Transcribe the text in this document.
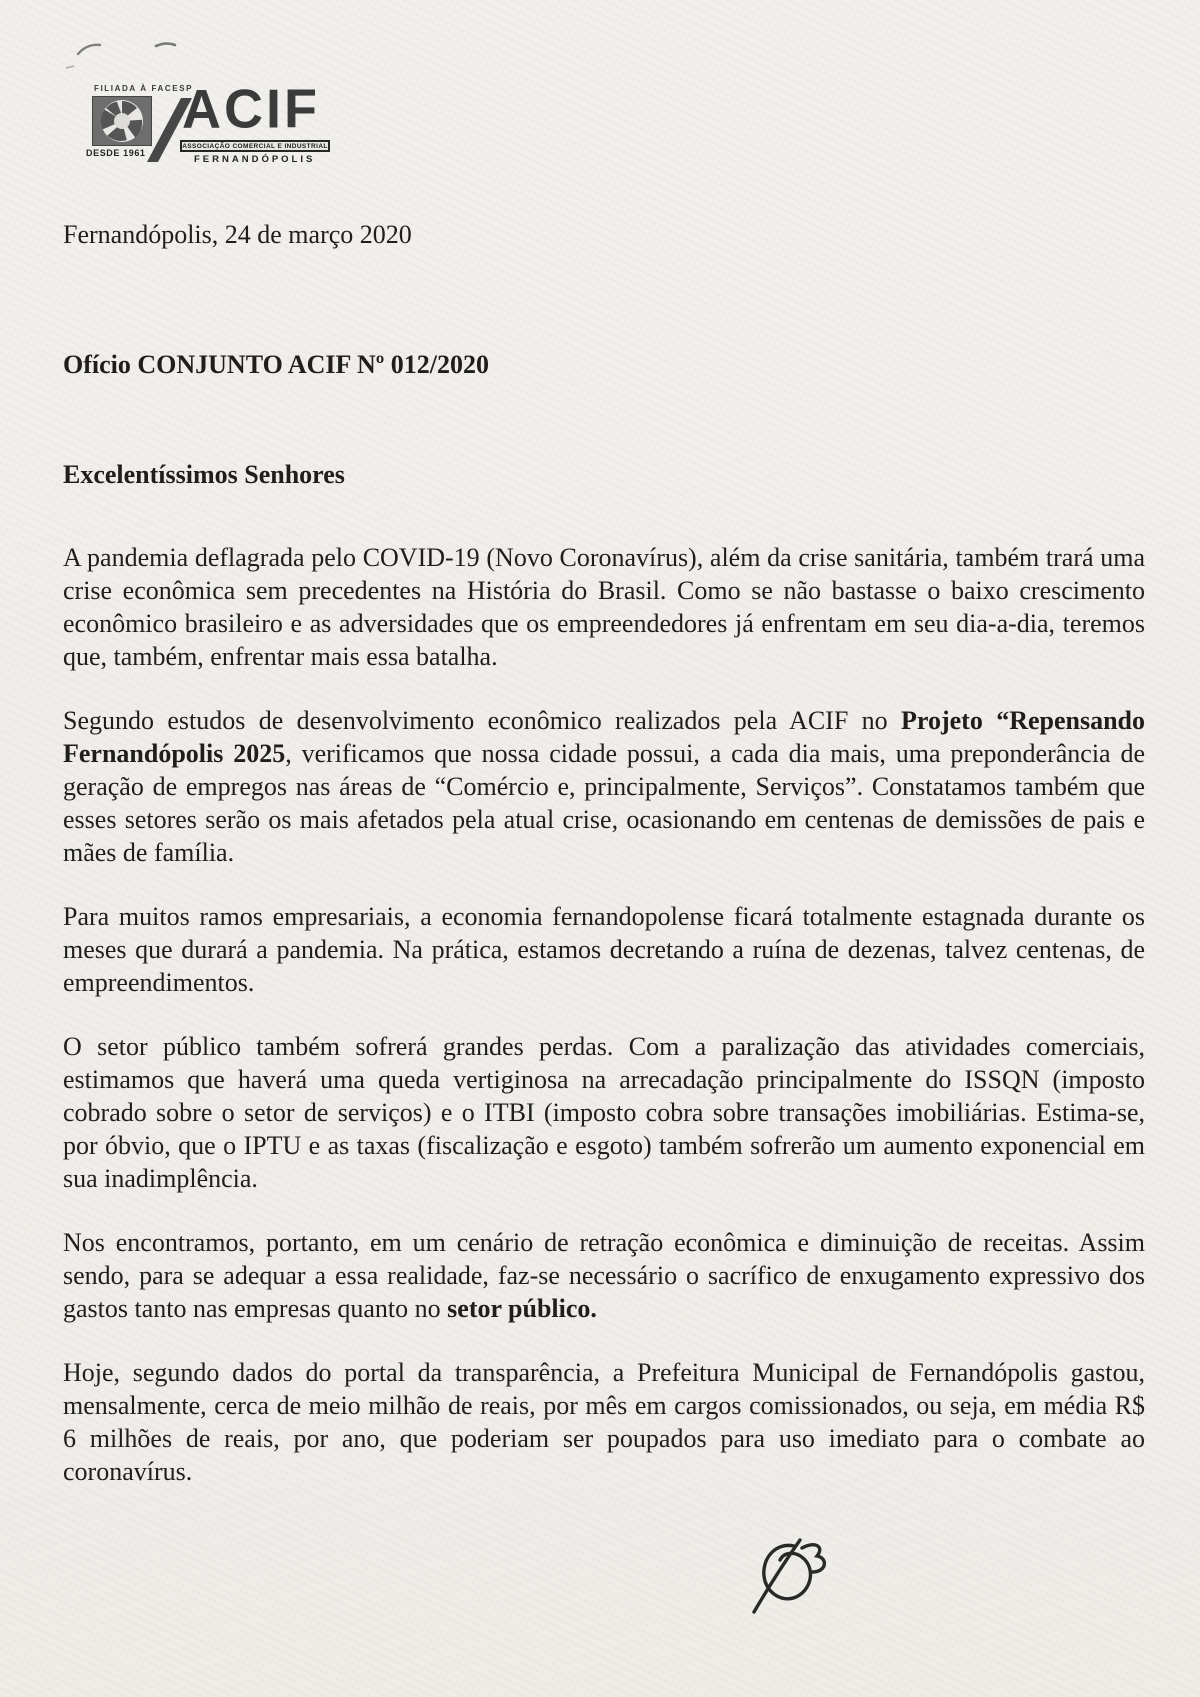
FILIADA À FACESP
DESDE 1961
ACIF
ASSOCIAÇÃO COMERCIAL E INDUSTRIAL
FERNANDÓPOLIS
Fernandópolis, 24 de março 2020
Ofício CONJUNTO ACIF Nº 012/2020
Excelentíssimos Senhores

A pandemia deflagrada pelo COVID-19 (Novo Coronavírus), além da crise sanitária, também trará uma crise econômica sem precedentes na História do Brasil. Como se não bastasse o baixo crescimento econômico brasileiro e as adversidades que os empreendedores já enfrentam em seu dia-a-dia, teremos que, também, enfrentar mais essa batalha.

Segundo estudos de desenvolvimento econômico realizados pela ACIF no Projeto “Repensando Fernandópolis 2025, verificamos que nossa cidade possui, a cada dia mais, uma preponderância de geração de empregos nas áreas de “Comércio e, principalmente, Serviços”. Constatamos também que esses setores serão os mais afetados pela atual crise, ocasionando em centenas de demissões de pais e mães de família.

Para muitos ramos empresariais, a economia fernandopolense ficará totalmente estagnada durante os meses que durará a pandemia. Na prática, estamos decretando a ruína de dezenas, talvez centenas, de empreendimentos.

O setor público também sofrerá grandes perdas. Com a paralização das atividades comerciais, estimamos que haverá uma queda vertiginosa na arrecadação principalmente do ISSQN (imposto cobrado sobre o setor de serviços) e o ITBI (imposto cobra sobre transações imobiliárias. Estima-se, por óbvio, que o IPTU e as taxas (fiscalização e esgoto) também sofrerão um aumento exponencial em sua inadimplência.

Nos encontramos, portanto, em um cenário de retração econômica e diminuição de receitas. Assim sendo, para se adequar a essa realidade, faz-se necessário o sacrífico de enxugamento expressivo dos gastos tanto nas empresas quanto no setor público.

Hoje, segundo dados do portal da transparência, a Prefeitura Municipal de Fernandópolis gastou, mensalmente, cerca de meio milhão de reais, por mês em cargos comissionados, ou seja, em média R$ 6 milhões de reais, por ano, que poderiam ser poupados para uso imediato para o combate ao coronavírus.
